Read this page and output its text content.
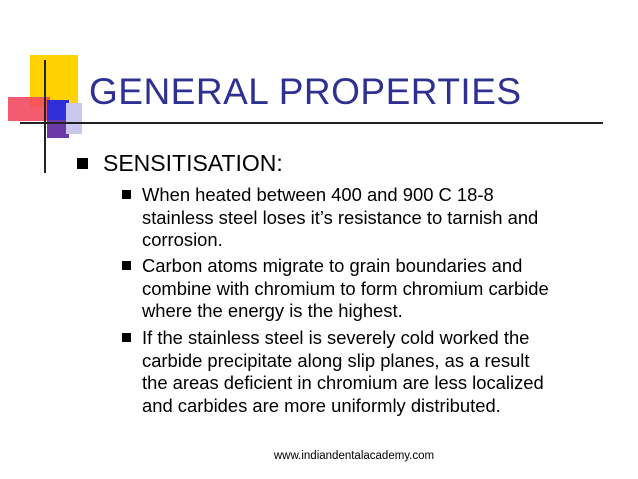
GENERAL PROPERTIES
SENSITISATION:
When heated between 400 and 900 C 18-8
stainless steel loses it’s resistance to tarnish and
corrosion.
Carbon atoms migrate to grain boundaries and
combine with chromium to form chromium carbide
where the energy is the highest.
If the stainless steel is severely cold worked the
carbide precipitate along slip planes, as a result
the areas deficient in chromium are less localized
and carbides are more uniformly distributed.
www.indiandentalacademy.com
